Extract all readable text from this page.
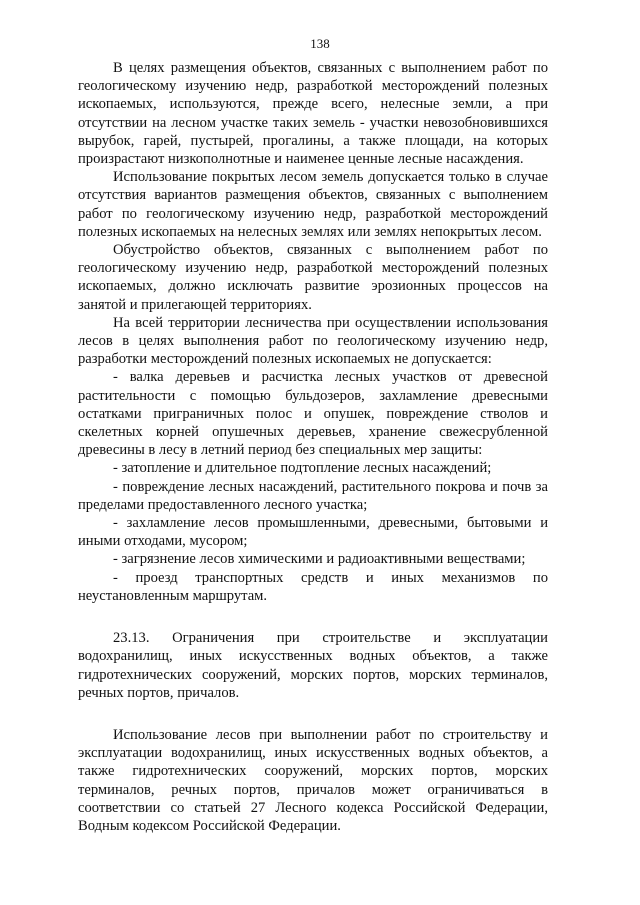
138

В целях размещения объектов, связанных с выполнением работ по геологическому изучению недр, разработкой месторождений полезных ископаемых, используются, прежде всего, нелесные земли, а при отсутствии на лесном участке таких земель - участки невозобновившихся вырубок, гарей, пустырей, прогалины, а также площади, на которых произрастают низкополнотные и наименее ценные лесные насаждения.

Использование покрытых лесом земель допускается только в случае отсутствия вариантов размещения объектов, связанных с выполнением работ по геологическому изучению недр, разработкой месторождений полезных ископаемых на нелесных землях или землях непокрытых лесом.

Обустройство объектов, связанных с выполнением работ по геологическому изучению недр, разработкой месторождений полезных ископаемых, должно исключать развитие эрозионных процессов на занятой и прилегающей территориях.

На всей территории лесничества при осуществлении использования лесов в целях выполнения работ по геологическому изучению недр, разработки месторождений полезных ископаемых не допускается:

- валка деревьев и расчистка лесных участков от древесной растительности с помощью бульдозеров, захламление древесными остатками приграничных полос и опушек, повреждение стволов и скелетных корней опушечных деревьев, хранение свежесрубленной древесины в лесу в летний период без специальных мер защиты:

- затопление и длительное подтопление лесных насаждений;

- повреждение лесных насаждений, растительного покрова и почв за пределами предоставленного лесного участка;

- захламление лесов промышленными, древесными, бытовыми и иными отходами, мусором;

- загрязнение лесов химическими и радиоактивными веществами;

- проезд транспортных средств и иных механизмов по неустановленным маршрутам.

23.13. Ограничения при строительстве и эксплуатации водохранилищ, иных искусственных водных объектов, а также гидротехнических сооружений, морских портов, морских терминалов, речных портов, причалов.

Использование лесов при выполнении работ по строительству и эксплуатации водохранилищ, иных искусственных водных объектов, а также гидротехнических сооружений, морских портов, морских терминалов, речных портов, причалов может ограничиваться в соответствии со статьей 27 Лесного кодекса Российской Федерации, Водным кодексом Российской Федерации.
